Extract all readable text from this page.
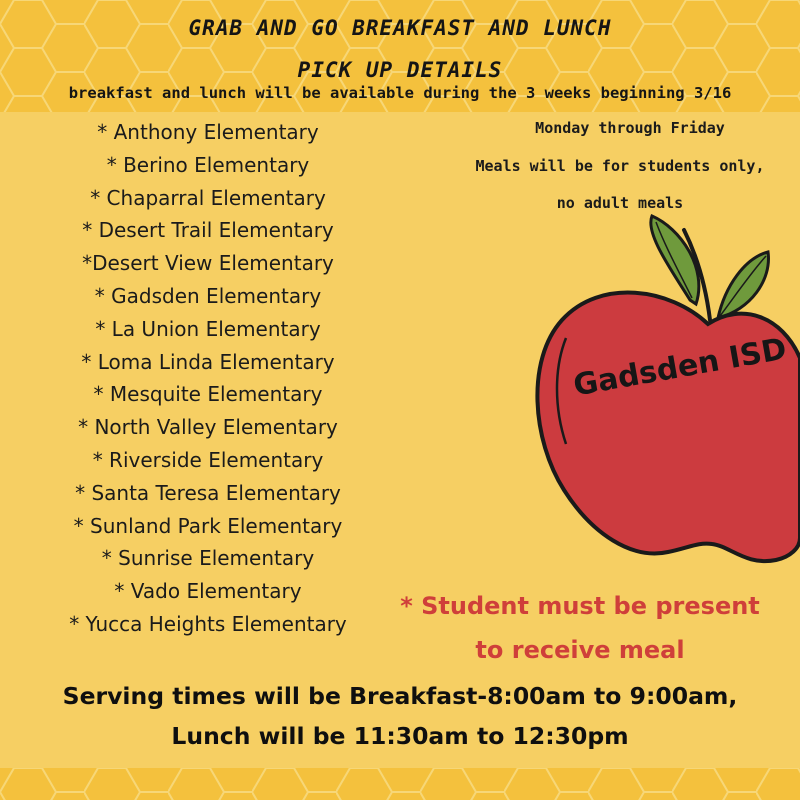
GRAB AND GO BREAKFAST AND LUNCH
PICK UP DETAILS
breakfast and lunch will be available during the 3 weeks beginning 3/16
* Anthony Elementary
* Berino Elementary
* Chaparral Elementary
* Desert Trail Elementary
*Desert View Elementary
* Gadsden Elementary
* La Union Elementary
* Loma Linda Elementary
* Mesquite Elementary
* North Valley Elementary
* Riverside Elementary
* Santa Teresa Elementary
* Sunland Park Elementary
* Sunrise Elementary
* Vado Elementary
* Yucca Heights Elementary
Monday through Friday
Meals will be for students only,
no adult meals
Gadsden ISD
* Student must be present
to receive meal
Serving times will be Breakfast-8:00am to 9:00am,
Lunch will be 11:30am to 12:30pm
